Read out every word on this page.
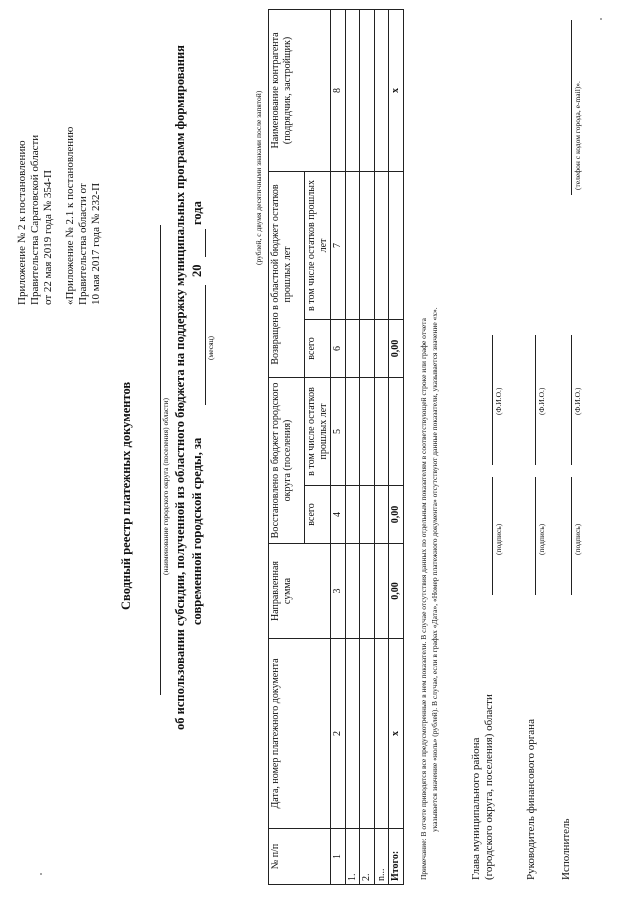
Приложение № 2 к постановлению Правительства Саратовской области от 22 мая 2019 года № 354-П «Приложение № 2.1 к постановлению Правительства области от 10 мая 2017 года № 232-П
Сводный реестр платежных документов	(наименование городского округа (поселения) области) об использовании субсидии, полученной из областного бюджета на поддержку муниципальных программ формирования современной городской среды, за
(месяц)
20
года	(рублей, с двумя десятичными знаками после запятой)
№ п/п	Дата, номер платежного документа	Направленная сумма	Восстановлено в бюджет городского округа (поселения)		Возвращено в областной бюджет остатков прошлых лет		Наименование контрагента (подрядчик, застройщик)
			всего	в том числе остатков прошлых лет	всего	в том числе остатков прошлых лет	
1	2	3	4	5	6	7	8
1.							
2.							
n...							
Итого:	х	0,00	0,00		0,00		х
Примечание: В отчете приводятся все предусмотренные в нем показатели. В случае отсутствия данных по отдельным показателям в соответствующей строке или графе отчета указывается значение «ноль» (рублей). В случае, если в графах «Дата», «Номер платежного документа» отсутствуют данные показатели, указывается значение «х».	Глава муниципального района (городского округа, поселения) области
(подпись)
(Ф.И.О.)
Руководитель финансового органа
(подпись)
(Ф.И.О.)
Исполнитель
(подпись)
(Ф.И.О.)
(телефон с кодом города, e-mail)».
